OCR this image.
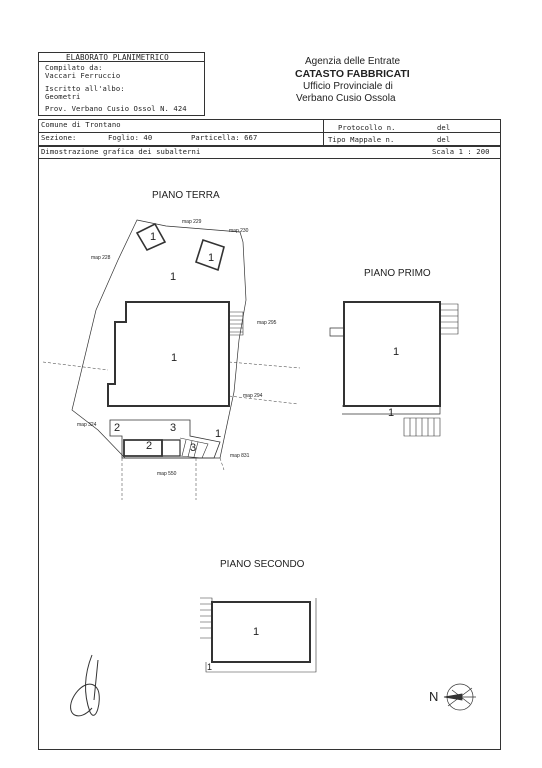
ELABORATO PLANIMETRICO
Compilato da:
Vaccari Ferruccio
Iscritto all'albo:
Geometri
Prov. Verbano Cusio Ossol N. 424
Agenzia delle Entrate
CATASTO FABBRICATI
Ufficio Provinciale di
Verbano Cusio Ossola
Comune di Trontano
Sezione:	Foglio: 40	Particella: 667
Protocollo n.	del
Tipo Mappale n.	del
Dimostrazione grafica dei subalterni	Scala 1 : 200
PIANO TERRA
PIANO PRIMO
PIANO SECONDO
map 229
map 230
map 228
map 295
map 294
map 324
map 831
map 550
1
1
1
1
2	3	1
2	3
1
1
1
1
N
